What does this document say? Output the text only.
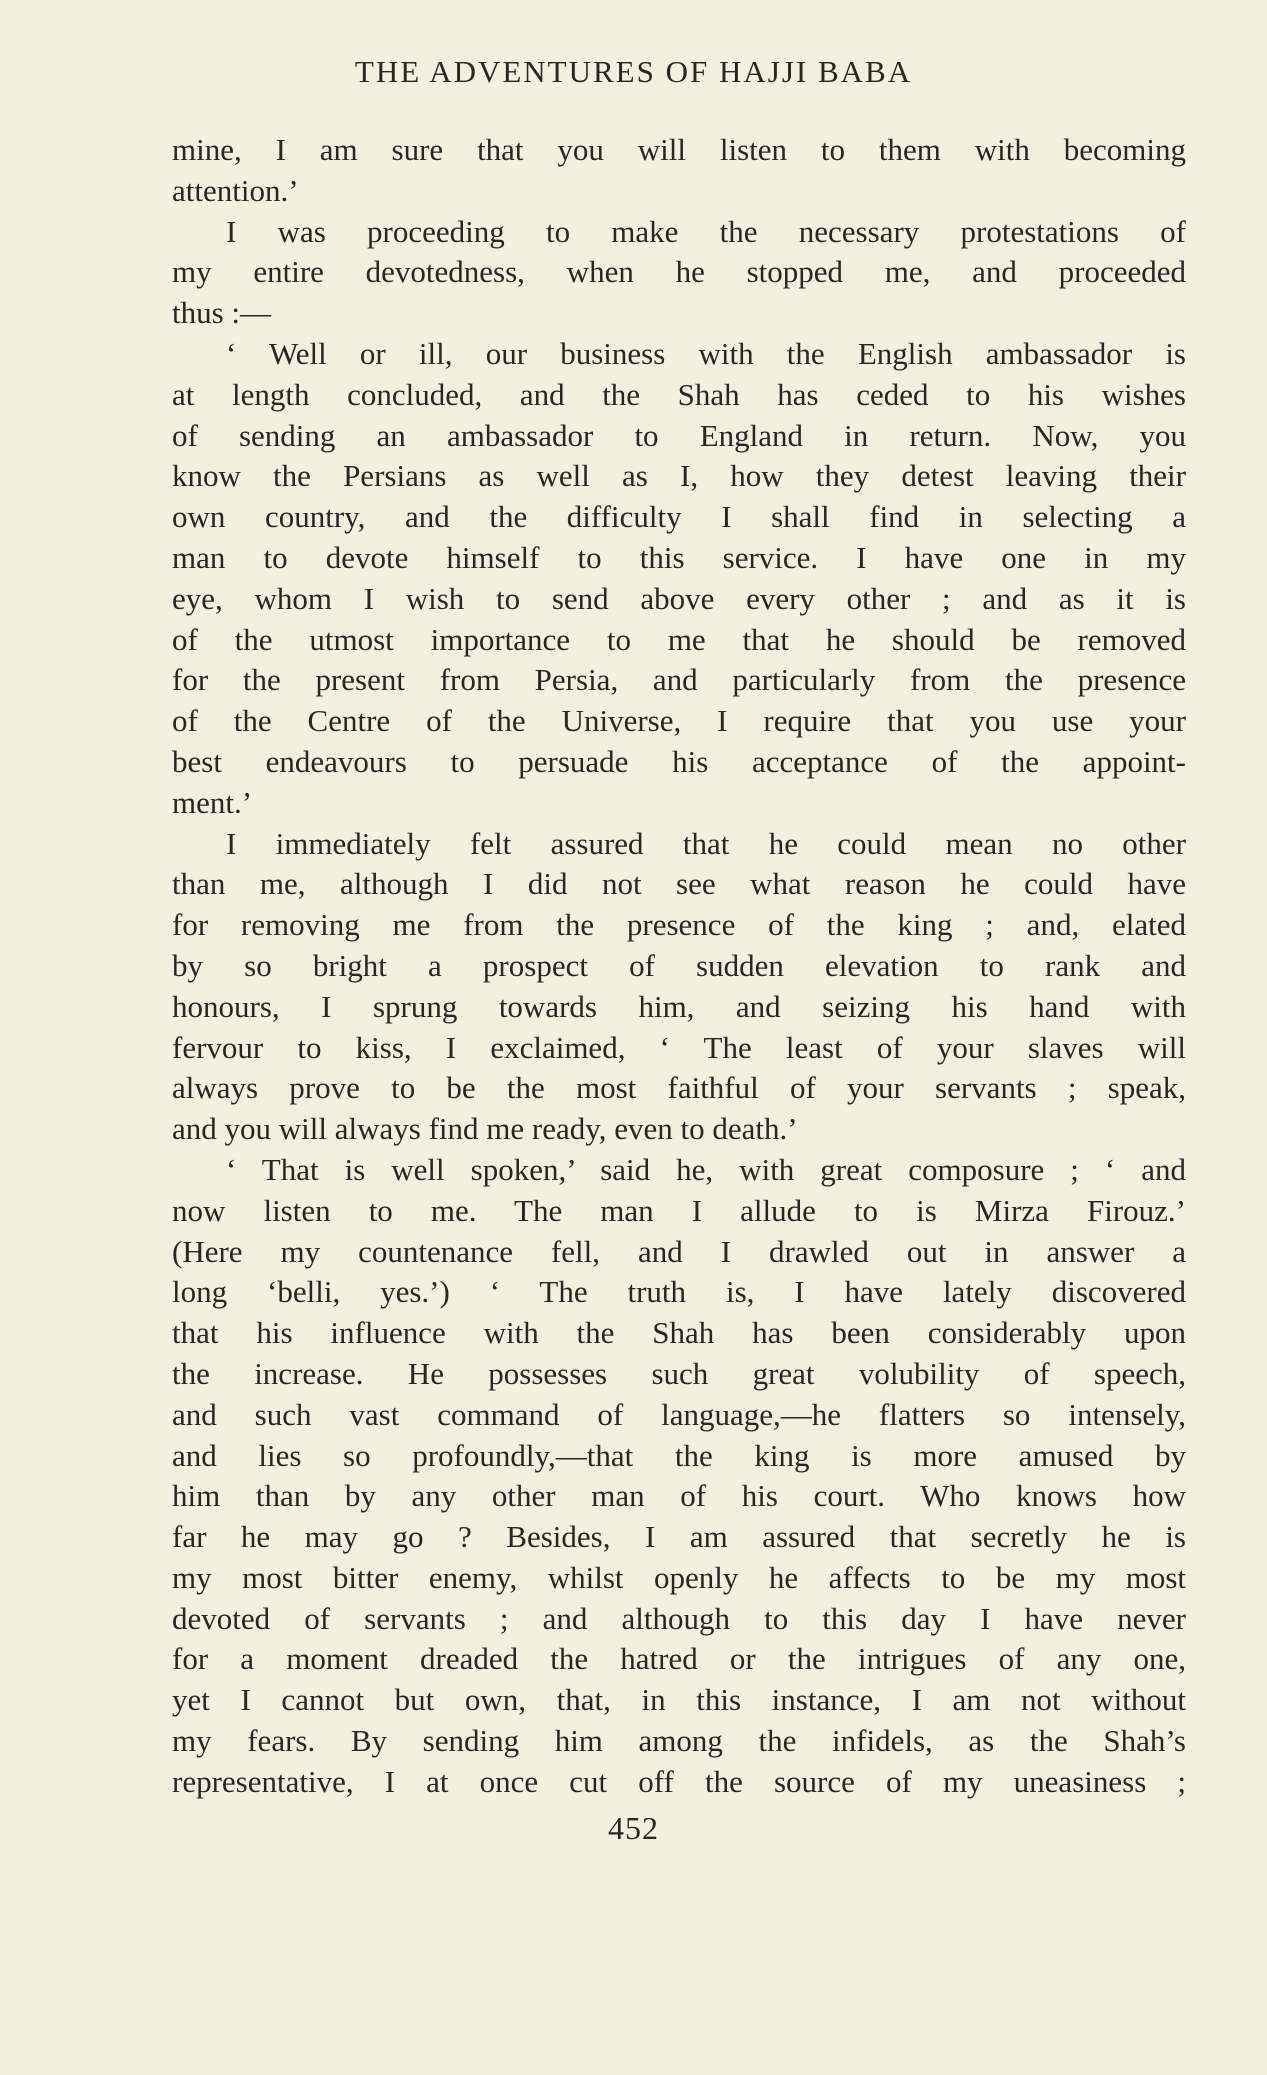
THE ADVENTURES OF HAJJI BABA
mine, I am sure that you will listen to them with becoming
attention.’
I was proceeding to make the necessary protestations of
my entire devotedness, when he stopped me, and proceeded
thus :—
‘ Well or ill, our business with the English ambassador is
at length concluded, and the Shah has ceded to his wishes
of sending an ambassador to England in return. Now, you
know the Persians as well as I, how they detest leaving their
own country, and the difficulty I shall find in selecting a
man to devote himself to this service. I have one in my
eye, whom I wish to send above every other ; and as it is
of the utmost importance to me that he should be removed
for the present from Persia, and particularly from the presence
of the Centre of the Universe, I require that you use your
best endeavours to persuade his acceptance of the appoint-
ment.’
I immediately felt assured that he could mean no other
than me, although I did not see what reason he could have
for removing me from the presence of the king ; and, elated
by so bright a prospect of sudden elevation to rank and
honours, I sprung towards him, and seizing his hand with
fervour to kiss, I exclaimed, ‘ The least of your slaves will
always prove to be the most faithful of your servants ; speak,
and you will always find me ready, even to death.’
‘ That is well spoken,’ said he, with great composure ; ‘ and
now listen to me. The man I allude to is Mirza Firouz.’
(Here my countenance fell, and I drawled out in answer a
long ‘belli, yes.’) ‘ The truth is, I have lately discovered
that his influence with the Shah has been considerably upon
the increase. He possesses such great volubility of speech,
and such vast command of language,—he flatters so intensely,
and lies so profoundly,—that the king is more amused by
him than by any other man of his court. Who knows how
far he may go ? Besides, I am assured that secretly he is
my most bitter enemy, whilst openly he affects to be my most
devoted of servants ; and although to this day I have never
for a moment dreaded the hatred or the intrigues of any one,
yet I cannot but own, that, in this instance, I am not without
my fears. By sending him among the infidels, as the Shah’s
representative, I at once cut off the source of my uneasiness ;
452
